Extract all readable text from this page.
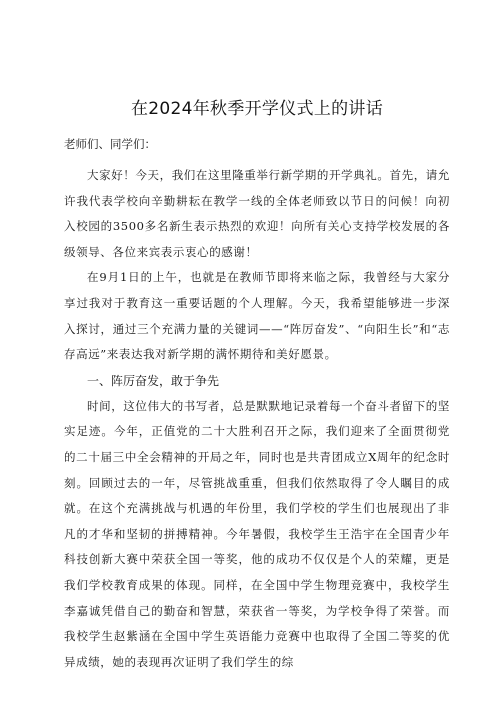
在2024年秋季开学仪式上的讲话

老师们、同学们：

大家好！今天，我们在这里隆重举行新学期的开学典礼。首先，请允许我代表学校向辛勤耕耘在教学一线的全体老师致以节日的问候！向初入校园的3500多名新生表示热烈的欢迎！向所有关心支持学校发展的各级领导、各位来宾表示衷心的感谢！

在9月1日的上午，也就是在教师节即将来临之际，我曾经与大家分享过我对于教育这一重要话题的个人理解。今天，我希望能够进一步深入探讨，通过三个充满力量的关键词——“阵厉奋发”、“向阳生长”和“志存高远”来表达我对新学期的满怀期待和美好愿景。

一、阵厉奋发，敢于争先

时间，这位伟大的书写者，总是默默地记录着每一个奋斗者留下的坚实足迹。今年，正值党的二十大胜利召开之际，我们迎来了全面贯彻党的二十届三中全会精神的开局之年，同时也是共青团成立X周年的纪念时刻。回顾过去的一年，尽管挑战重重，但我们依然取得了令人瞩目的成就。在这个充满挑战与机遇的年份里，我们学校的学生们也展现出了非凡的才华和坚韧的拼搏精神。今年暑假，我校学生王浩宇在全国青少年科技创新大赛中荣获全国一等奖，他的成功不仅仅是个人的荣耀，更是我们学校教育成果的体现。同样，在全国中学生物理竞赛中，我校学生李嘉诚凭借自己的勤奋和智慧，荣获省一等奖，为学校争得了荣誉。而我校学生赵紫涵在全国中学生英语能力竞赛中也取得了全国二等奖的优异成绩，她的表现再次证明了我们学生的综
